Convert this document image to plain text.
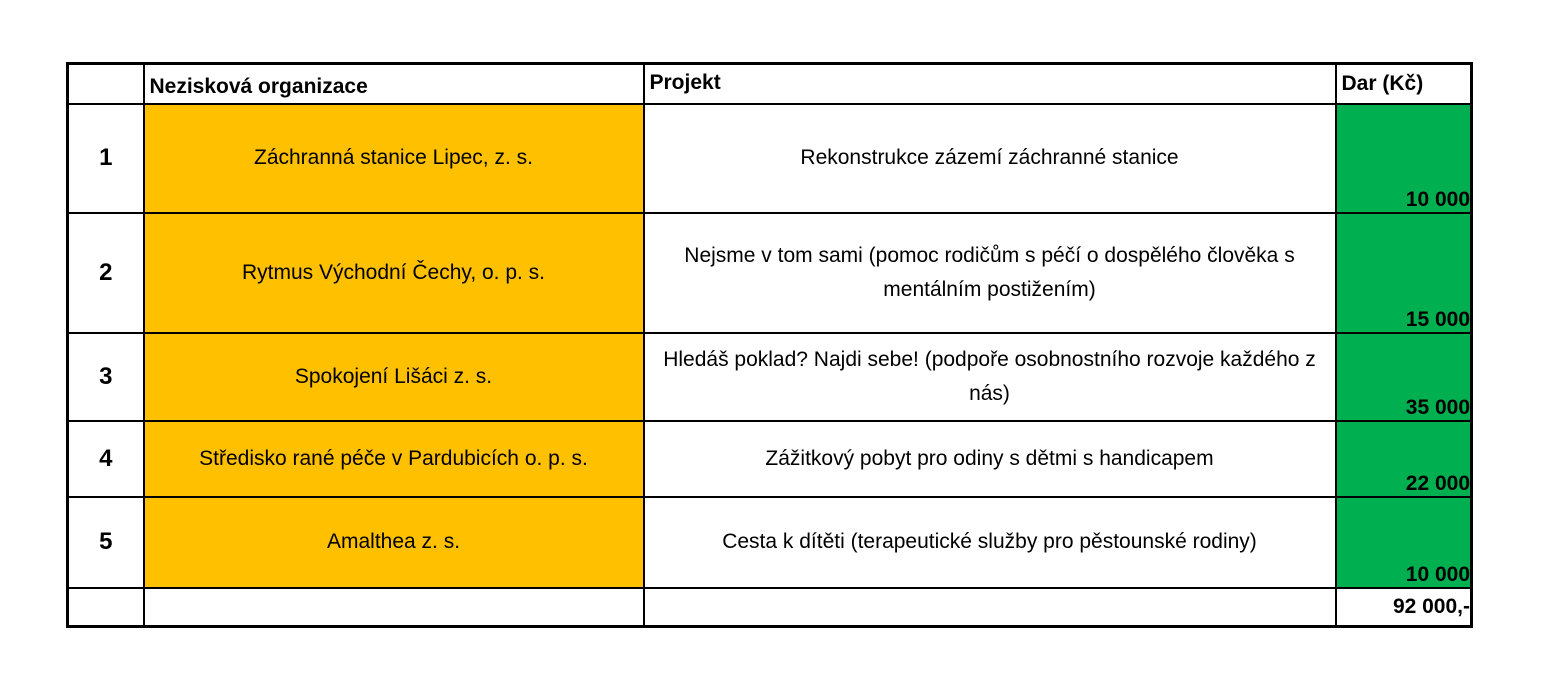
	Nezisková organizace	Projekt	Dar (Kč)
1	Záchranná stanice Lipec, z. s.	Rekonstrukce zázemí záchranné stanice	10 000
2	Rytmus Východní Čechy, o. p. s.	Nejsme v tom sami (pomoc rodičům s péčí o dospělého člověka s mentálním postižením)	15 000
3	Spokojení Lišáci z. s.	Hledáš poklad? Najdi sebe! (podpoře osobnostního rozvoje každého z nás)	35 000
4	Středisko rané péče v Pardubicích o. p. s.	Zážitkový pobyt pro odiny s dětmi s handicapem	22 000
5	Amalthea z. s.	Cesta k dítěti (terapeutické služby pro pěstounské rodiny)	10 000
			92 000,-
